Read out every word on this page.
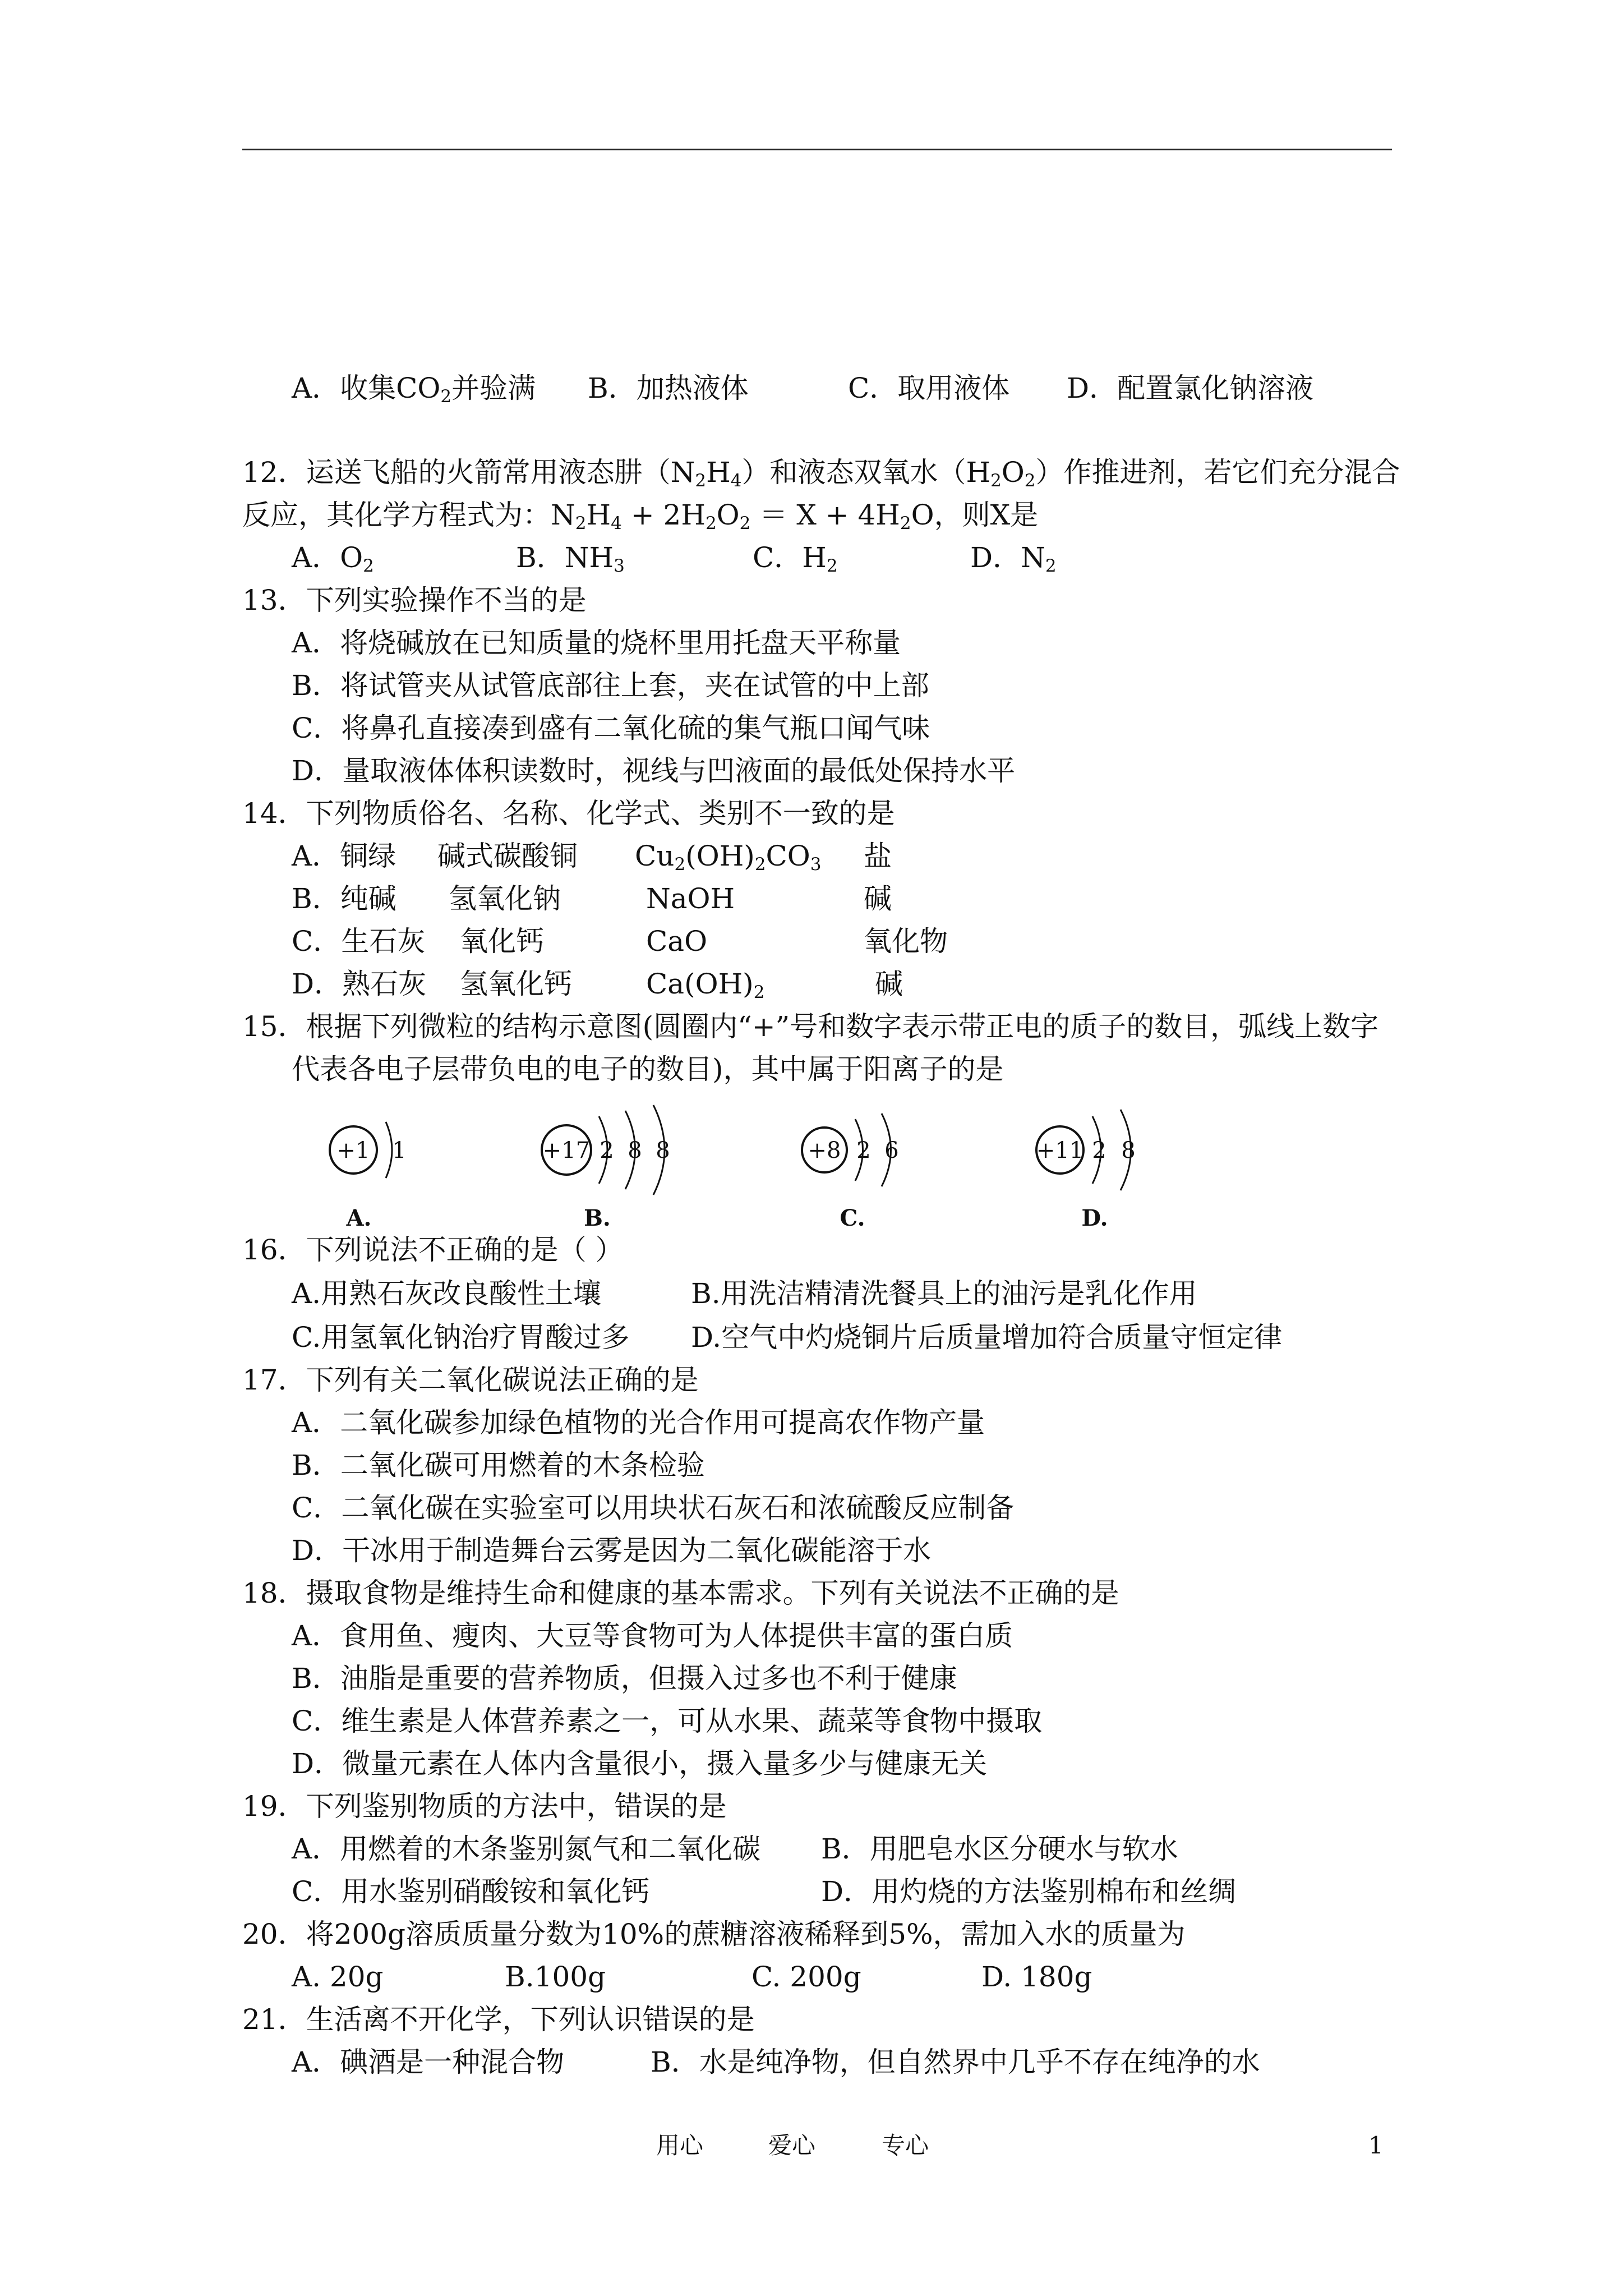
A．收集$CO_2$并验满 B．加热液体	C．取用液体 D．配置氯化钠溶液
12．运送飞船的火箭常用液态肼$(N_2H_4)$和液态双氧水$(H_2O_2)$作推进剂，若它们充分混合
反应，其化学方程式为：$N_2H_4 + 2H_2O_2 = X + 4H_2O$，则X是
A．$O_2$	B．$NH_3$	C．$H_2$	D．$N_2$
13．下列实验操作不当的是
A．将烧碱放在已知质量的烧杯里用托盘天平称量
B．将试管夹从试管底部往上套，夹在试管的中上部
C．将鼻孔直接凑到盛有二氧化硫的集气瓶口闻气味
D．量取液体体积读数时，视线与凹液面的最低处保持水平
14．下列物质俗名、名称、化学式、类别不一致的是
A．铜绿 碱式碳酸铜 $Cu_2(OH)_2CO_3$ 盐
B．纯碱 氢氧化钠	NaOH	碱
C．生石灰 氧化钙	CaO	氧化物
D．熟石灰 氢氧化钙	$Ca(OH)_2$	碱
15．根据下列微粒的结构示意图(圆圈内“+”号和数字表示带正电的质子的数目，弧线上数字
代表各电子层带负电的电子的数目)，其中属于阳离子的是
+1 1
A.
+17 2 8 8
B.
+8 2 6
C.
+11 2 8
D.
16．下列说法不正确的是（ ）
A.用熟石灰改良酸性土壤	B.用洗洁精清洗餐具上的油污是乳化作用
C.用氢氧化钠治疗胃酸过多 D.空气中灼烧铜片后质量增加符合质量守恒定律
17．下列有关二氧化碳说法正确的是
A．二氧化碳参加绿色植物的光合作用可提高农作物产量
B．二氧化碳可用燃着的木条检验
C．二氧化碳在实验室可以用块状石灰石和浓硫酸反应制备
D．干冰用于制造舞台云雾是因为二氧化碳能溶于水
18．摄取食物是维持生命和健康的基本需求。下列有关说法不正确的是
A．食用鱼、瘦肉、大豆等食物可为人体提供丰富的蛋白质
B．油脂是重要的营养物质，但摄入过多也不利于健康
C．维生素是人体营养素之一，可从水果、蔬菜等食物中摄取
D．微量元素在人体内含量很小，摄入量多少与健康无关
19．下列鉴别物质的方法中，错误的是
A．用燃着的木条鉴别氮气和二氧化碳 B．用肥皂水区分硬水与软水
C．用水鉴别硝酸铵和氧化钙	D．用灼烧的方法鉴别棉布和丝绸
20．将200g溶质质量分数为10%的蔗糖溶液稀释到5%，需加入水的质量为
A. 20g	B.100g	C. 200g	D. 180g
21．生活离不开化学，下列认识错误的是
A．碘酒是一种混合物	B．水是纯净物，但自然界中几乎不存在纯净的水
用心	爱心	专心	1
